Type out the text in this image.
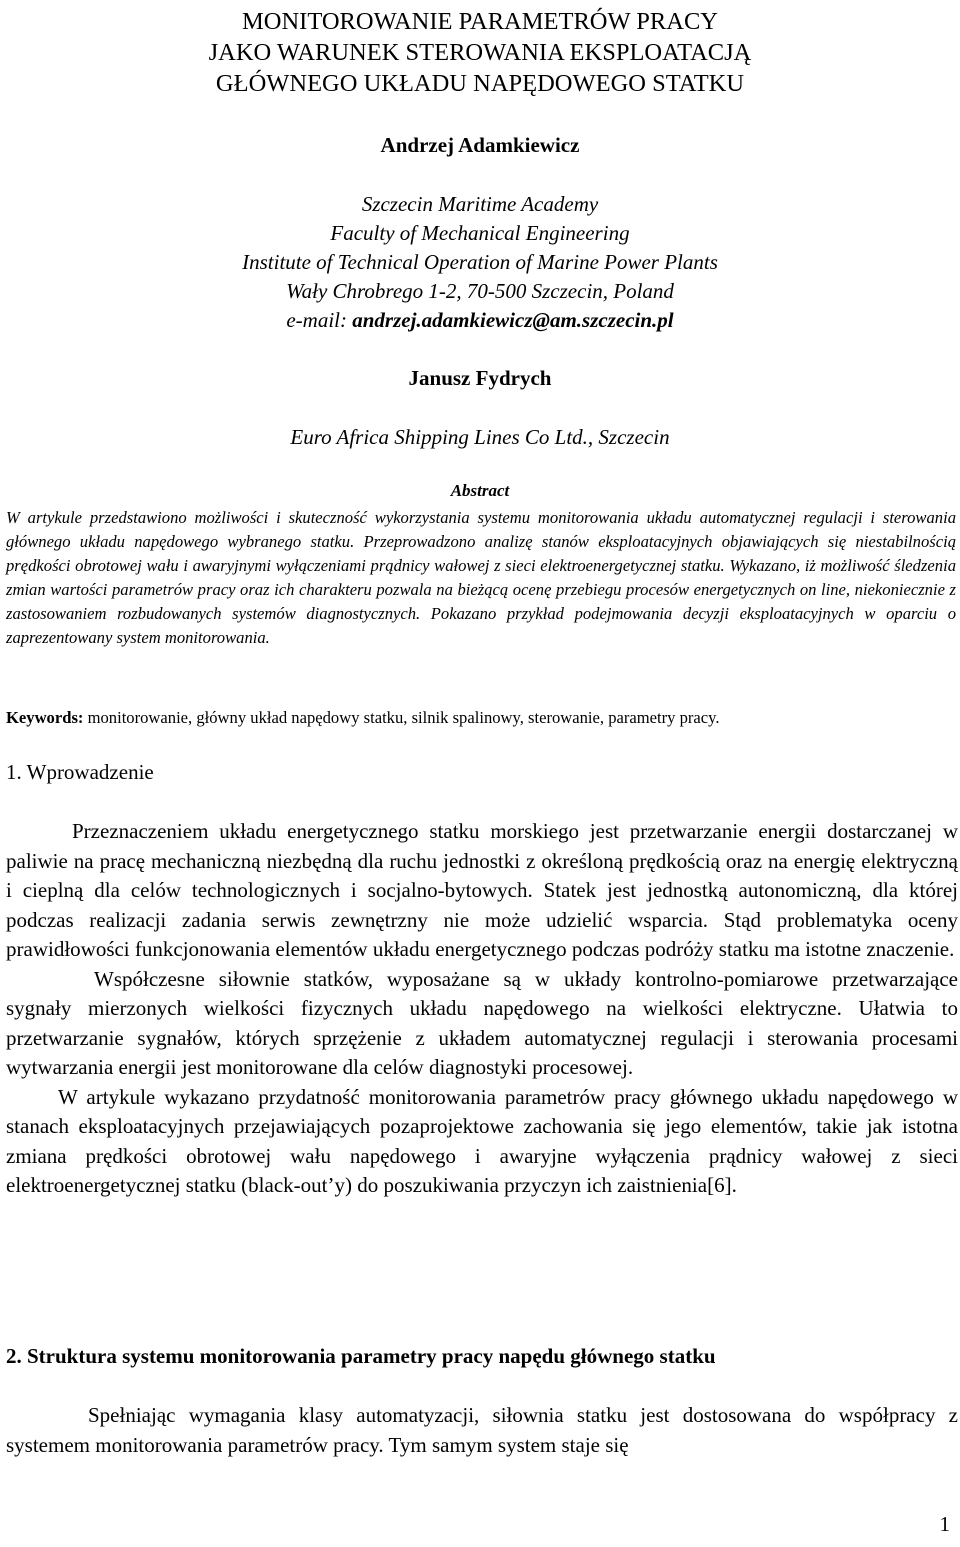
MONITOROWANIE PARAMETRÓW PRACY
JAKO WARUNEK STEROWANIA EKSPLOATACJĄ
GŁÓWNEGO UKŁADU NAPĘDOWEGO STATKU
Andrzej Adamkiewicz
Szczecin Maritime Academy
Faculty of Mechanical Engineering
Institute of Technical Operation of Marine Power Plants
Wały Chrobrego 1-2, 70-500 Szczecin, Poland
e-mail: andrzej.adamkiewicz@am.szczecin.pl
Janusz Fydrych
Euro Africa Shipping Lines Co Ltd., Szczecin
Abstract
W artykule przedstawiono możliwości i skuteczność wykorzystania systemu monitorowania układu automatycznej regulacji i sterowania głównego układu napędowego wybranego statku. Przeprowadzono analizę stanów eksploatacyjnych objawiających się niestabilnością prędkości obrotowej wału i awaryjnymi wyłączeniami prądnicy wałowej z sieci elektroenergetycznej statku. Wykazano, iż możliwość śledzenia zmian wartości parametrów pracy oraz ich charakteru pozwala na bieżącą ocenę przebiegu procesów energetycznych on line, niekoniecznie z zastosowaniem rozbudowanych systemów diagnostycznych. Pokazano przykład podejmowania decyzji eksploatacyjnych w oparciu o zaprezentowany system monitorowania.
Keywords: monitorowanie, główny układ napędowy statku, silnik spalinowy, sterowanie, parametry pracy.
1. Wprowadzenie

Przeznaczeniem układu energetycznego statku morskiego jest przetwarzanie energii dostarczanej w paliwie na pracę mechaniczną niezbędną dla ruchu jednostki z określoną prędkością oraz na energię elektryczną i cieplną dla celów technologicznych i socjalno-bytowych. Statek jest jednostką autonomiczną, dla której podczas realizacji zadania serwis zewnętrzny nie może udzielić wsparcia. Stąd problematyka oceny prawidłowości funkcjonowania elementów układu energetycznego podczas podróży statku ma istotne znaczenie.

Współczesne siłownie statków, wyposażane są w układy kontrolno-pomiarowe przetwarzające sygnały mierzonych wielkości fizycznych układu napędowego na wielkości elektryczne. Ułatwia to przetwarzanie sygnałów, których sprzężenie z układem automatycznej regulacji i sterowania procesami wytwarzania energii jest monitorowane dla celów diagnostyki procesowej.

W artykule wykazano przydatność monitorowania parametrów pracy głównego układu napędowego w stanach eksploatacyjnych przejawiających pozaprojektowe zachowania się jego elementów, takie jak istotna zmiana prędkości obrotowej wału napędowego i awaryjne wyłączenia prądnicy wałowej z sieci elektroenergetycznej statku (black-out’y) do poszukiwania przyczyn ich zaistnienia[6].

2. Struktura systemu monitorowania parametry pracy napędu głównego statku

Spełniając wymagania klasy automatyzacji, siłownia statku jest dostosowana do współpracy z systemem monitorowania parametrów pracy. Tym samym system staje się

1
